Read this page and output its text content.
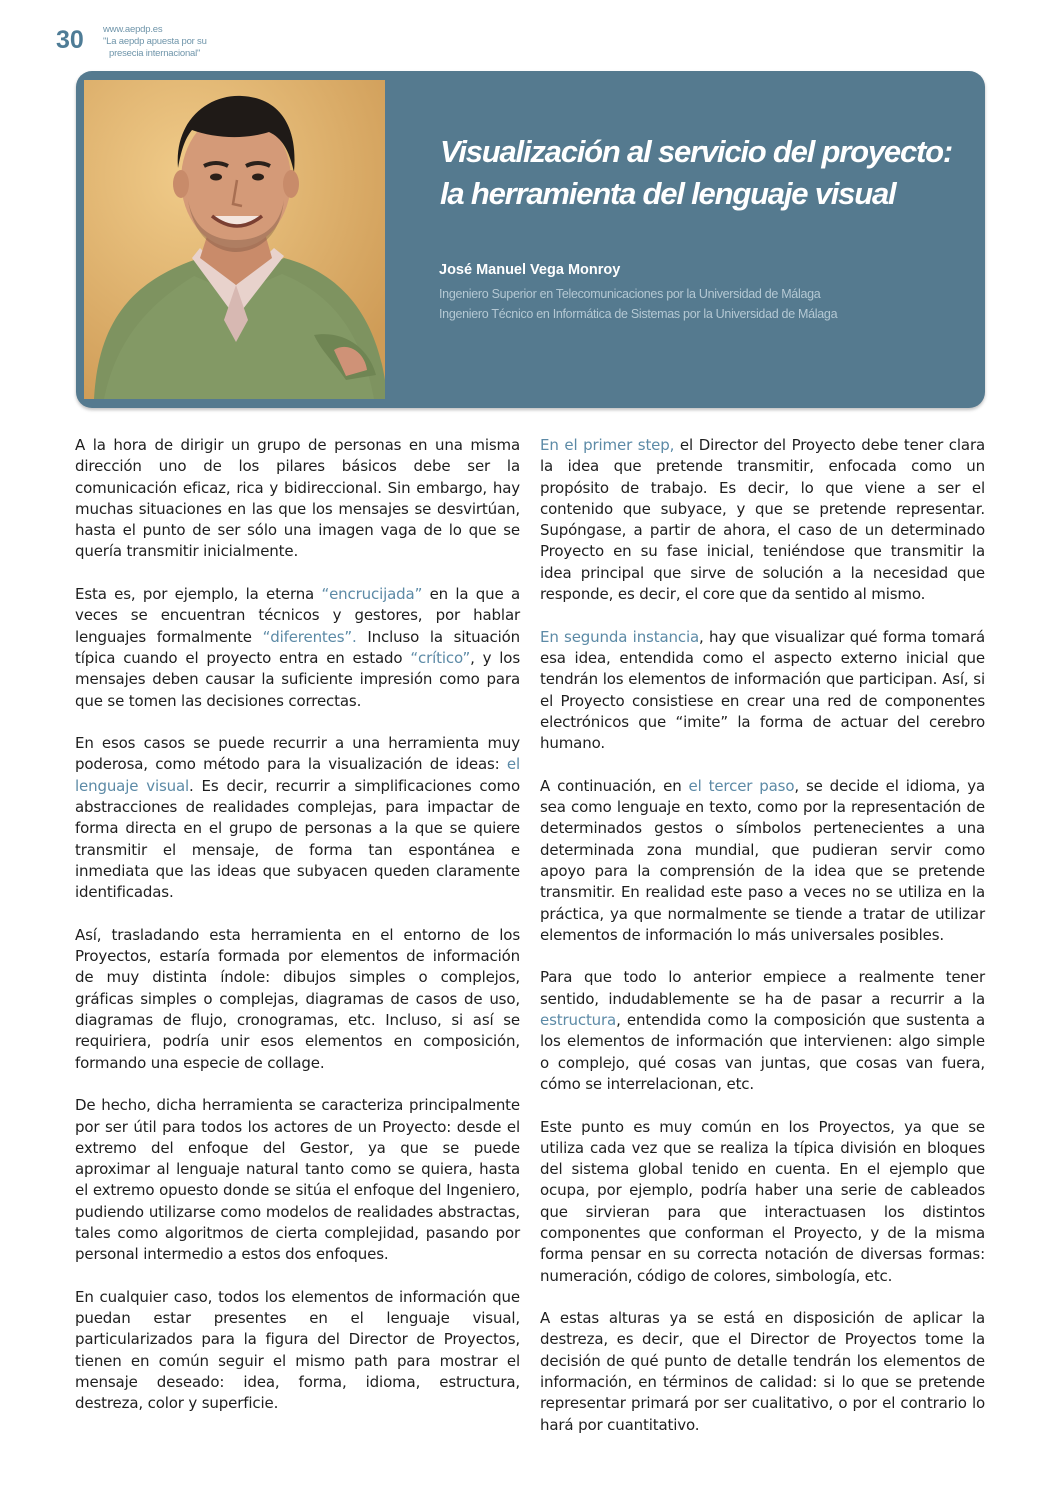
30 www.aepdp.es
"La aepdp apuesta por su
presecia internacional"
Visualización al servicio del proyecto:
la herramienta del lenguaje visual
José Manuel Vega Monroy
Ingeniero Superior en Telecomunicaciones por la Universidad de Málaga
Ingeniero Técnico en Informática de Sistemas por la Universidad de Málaga

A la hora de dirigir un grupo de personas en una misma dirección uno de los pilares básicos debe ser la comunicación eficaz, rica y bidireccional. Sin embargo, hay muchas situaciones en las que los mensajes se desvirtúan, hasta el punto de ser sólo una imagen vaga de lo que se quería transmitir inicialmente.

Esta es, por ejemplo, la eterna “encrucijada” en la que a veces se encuentran técnicos y gestores, por hablar lenguajes formalmente “diferentes”. Incluso la situación típica cuando el proyecto entra en estado “crítico”, y los mensajes deben causar la suficiente impresión como para que se tomen las decisiones correctas.

En esos casos se puede recurrir a una herramienta muy poderosa, como método para la visualización de ideas: el lenguaje visual. Es decir, recurrir a simplificaciones como abstracciones de realidades complejas, para impactar de forma directa en el grupo de personas a la que se quiere transmitir el mensaje, de forma tan espontánea e inmediata que las ideas que subyacen queden claramente identificadas.

Así, trasladando esta herramienta en el entorno de los Proyectos, estaría formada por elementos de información de muy distinta índole: dibujos simples o complejos, gráficas simples o complejas, diagramas de casos de uso, diagramas de flujo, cronogramas, etc. Incluso, si así se requiriera, podría unir esos elementos en composición, formando una especie de collage.

De hecho, dicha herramienta se caracteriza principalmente por ser útil para todos los actores de un Proyecto: desde el extremo del enfoque del Gestor, ya que se puede aproximar al lenguaje natural tanto como se quiera, hasta el extremo opuesto donde se sitúa el enfoque del Ingeniero, pudiendo utilizarse como modelos de realidades abstractas, tales como algoritmos de cierta complejidad, pasando por personal intermedio a estos dos enfoques.

En cualquier caso, todos los elementos de información que puedan estar presentes en el lenguaje visual, particularizados para la figura del Director de Proyectos, tienen en común seguir el mismo path para mostrar el mensaje deseado: idea, forma, idioma, estructura, destreza, color y superficie.

En el primer step, el Director del Proyecto debe tener clara la idea que pretende transmitir, enfocada como un propósito de trabajo. Es decir, lo que viene a ser el contenido que subyace, y que se pretende representar. Supóngase, a partir de ahora, el caso de un determinado Proyecto en su fase inicial, teniéndose que transmitir la idea principal que sirve de solución a la necesidad que responde, es decir, el core que da sentido al mismo.

En segunda instancia, hay que visualizar qué forma tomará esa idea, entendida como el aspecto externo inicial que tendrán los elementos de información que participan. Así, si el Proyecto consistiese en crear una red de componentes electrónicos que “imite” la forma de actuar del cerebro humano.

A continuación, en el tercer paso, se decide el idioma, ya sea como lenguaje en texto, como por la representación de determinados gestos o símbolos pertenecientes a una determinada zona mundial, que pudieran servir como apoyo para la comprensión de la idea que se pretende transmitir. En realidad este paso a veces no se utiliza en la práctica, ya que normalmente se tiende a tratar de utilizar elementos de información lo más universales posibles.

Para que todo lo anterior empiece a realmente tener sentido, indudablemente se ha de pasar a recurrir a la estructura, entendida como la composición que sustenta a los elementos de información que intervienen: algo simple o complejo, qué cosas van juntas, que cosas van fuera, cómo se interrelacionan, etc.

Este punto es muy común en los Proyectos, ya que se utiliza cada vez que se realiza la típica división en bloques del sistema global tenido en cuenta. En el ejemplo que ocupa, por ejemplo, podría haber una serie de cableados que sirvieran para que interactuasen los distintos componentes que conforman el Proyecto, y de la misma forma pensar en su correcta notación de diversas formas: numeración, código de colores, simbología, etc.

A estas alturas ya se está en disposición de aplicar la destreza, es decir, que el Director de Proyectos tome la decisión de qué punto de detalle tendrán los elementos de información, en términos de calidad: si lo que se pretende representar primará por ser cualitativo, o por el contrario lo hará por cuantitativo.
